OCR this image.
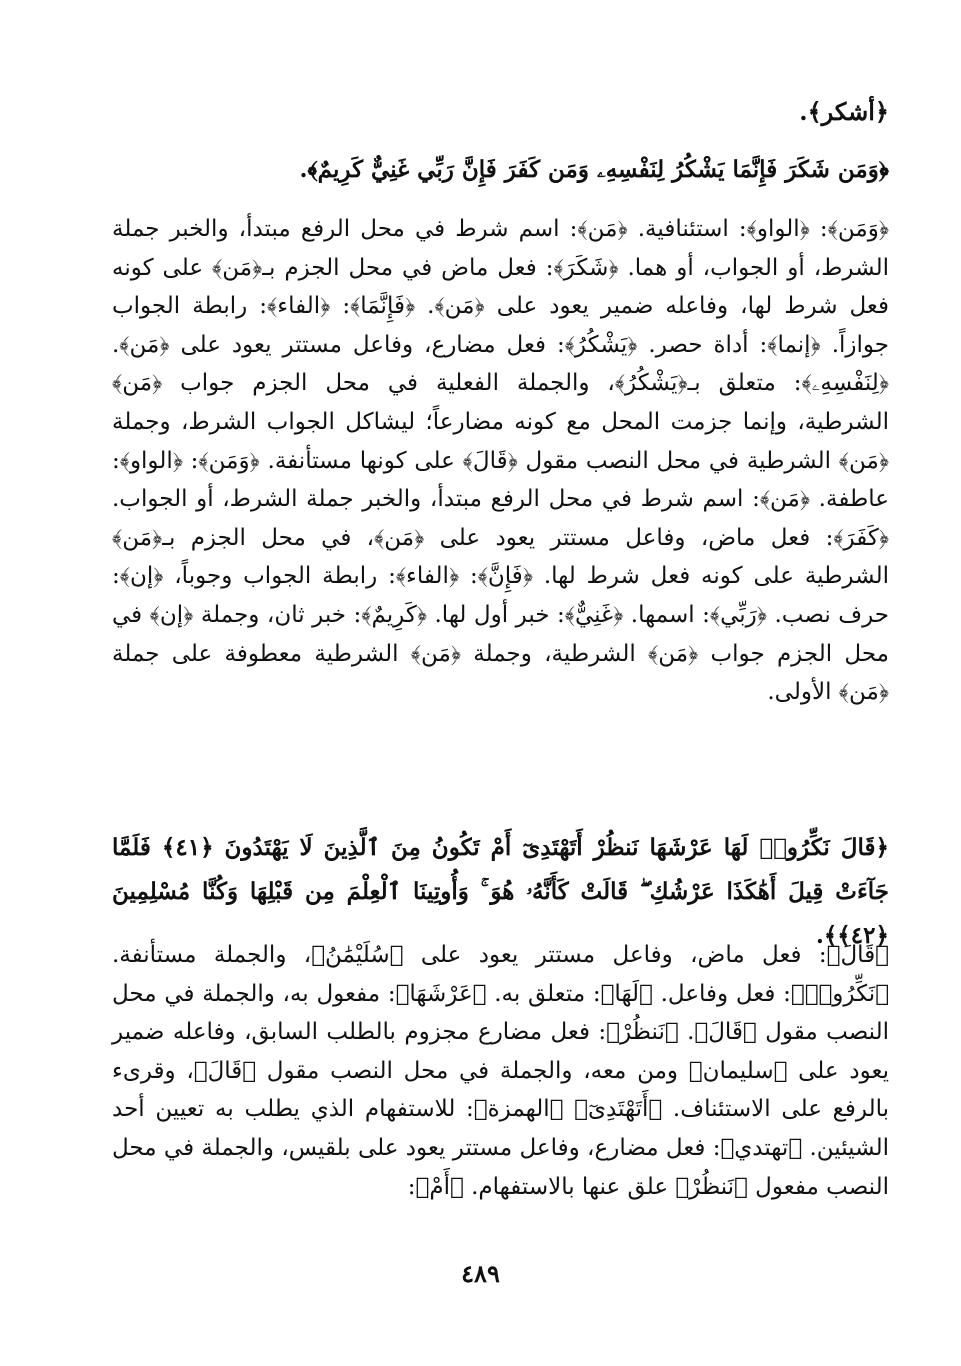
﴿أشكر﴾.
﴿وَمَن شَكَرَ فَإِنَّمَا يَشْكُرُ لِنَفْسِهِۦ وَمَن كَفَرَ فَإِنَّ رَبِّي غَنِيٌّ كَرِيمٌ﴾.
﴿وَمَن﴾: ﴿الواو﴾: استئنافية. ﴿مَن﴾: اسم شرط في محل الرفع مبتدأ، والخبر جملة الشرط، أو الجواب، أو هما. ﴿شَكَرَ﴾: فعل ماض في محل الجزم بـ﴿مَن﴾ على كونه فعل شرط لها، وفاعله ضمير يعود على ﴿مَن﴾. ﴿فَإِنَّمَا﴾: ﴿الفاء﴾: رابطة الجواب جوازاً. ﴿إنما﴾: أداة حصر. ﴿يَشْكُرُ﴾: فعل مضارع، وفاعل مستتر يعود على ﴿مَن﴾. ﴿لِنَفْسِهِۦ﴾: متعلق بـ﴿يَشْكُرُ﴾، والجملة الفعلية في محل الجزم جواب ﴿مَن﴾ الشرطية، وإنما جزمت المحل مع كونه مضارعاً؛ ليشاكل الجواب الشرط، وجملة ﴿مَن﴾ الشرطية في محل النصب مقول ﴿قَالَ﴾ على كونها مستأنفة. ﴿وَمَن﴾: ﴿الواو﴾: عاطفة. ﴿مَن﴾: اسم شرط في محل الرفع مبتدأ، والخبر جملة الشرط، أو الجواب. ﴿كَفَرَ﴾: فعل ماض، وفاعل مستتر يعود على ﴿مَن﴾، في محل الجزم بـ﴿مَن﴾ الشرطية على كونه فعل شرط لها. ﴿فَإِنَّ﴾: ﴿الفاء﴾: رابطة الجواب وجوباً، ﴿إن﴾: حرف نصب. ﴿رَبِّي﴾: اسمها. ﴿غَنِيٌّ﴾: خبر أول لها. ﴿كَرِيمٌ﴾: خبر ثان، وجملة ﴿إن﴾ في محل الجزم جواب ﴿مَن﴾ الشرطية، وجملة ﴿مَن﴾ الشرطية معطوفة على جملة ﴿مَن﴾ الأولى.
﴿قَالَ نَكِّرُوا۟ لَهَا عَرْشَهَا نَنظُرْ أَتَهْتَدِىٓ أَمْ تَكُونُ مِنَ ٱلَّذِينَ لَا يَهْتَدُونَ ﴿٤١﴾ فَلَمَّا جَآءَتْ قِيلَ أَهَٰكَذَا عَرْشُكِ ۖ قَالَتْ كَأَنَّهُۥ هُوَ ۚ وَأُوتِينَا ٱلْعِلْمَ مِن قَبْلِهَا وَكُنَّا مُسْلِمِينَ ﴿٤٢﴾﴾.
﴿قَالَ﴾: فعل ماض، وفاعل مستتر يعود على ﴿سُلَيْمَٰنُ﴾، والجملة مستأنفة. ﴿نَكِّرُوا۟﴾: فعل وفاعل. ﴿لَهَا﴾: متعلق به. ﴿عَرْشَهَا﴾: مفعول به، والجملة في محل النصب مقول ﴿قَالَ﴾. ﴿نَنظُرْ﴾: فعل مضارع مجزوم بالطلب السابق، وفاعله ضمير يعود على ﴿سليمان﴾ ومن معه، والجملة في محل النصب مقول ﴿قَالَ﴾، وقرىء بالرفع على الاستئناف. ﴿أَتَهْتَدِىٓ﴾ ﴿الهمزة﴾: للاستفهام الذي يطلب به تعيين أحد الشيئين. ﴿تهتدي﴾: فعل مضارع، وفاعل مستتر يعود على بلقيس، والجملة في محل النصب مفعول ﴿نَنظُرْ﴾ علق عنها بالاستفهام. ﴿أَمْ﴾:
٤٨٩
